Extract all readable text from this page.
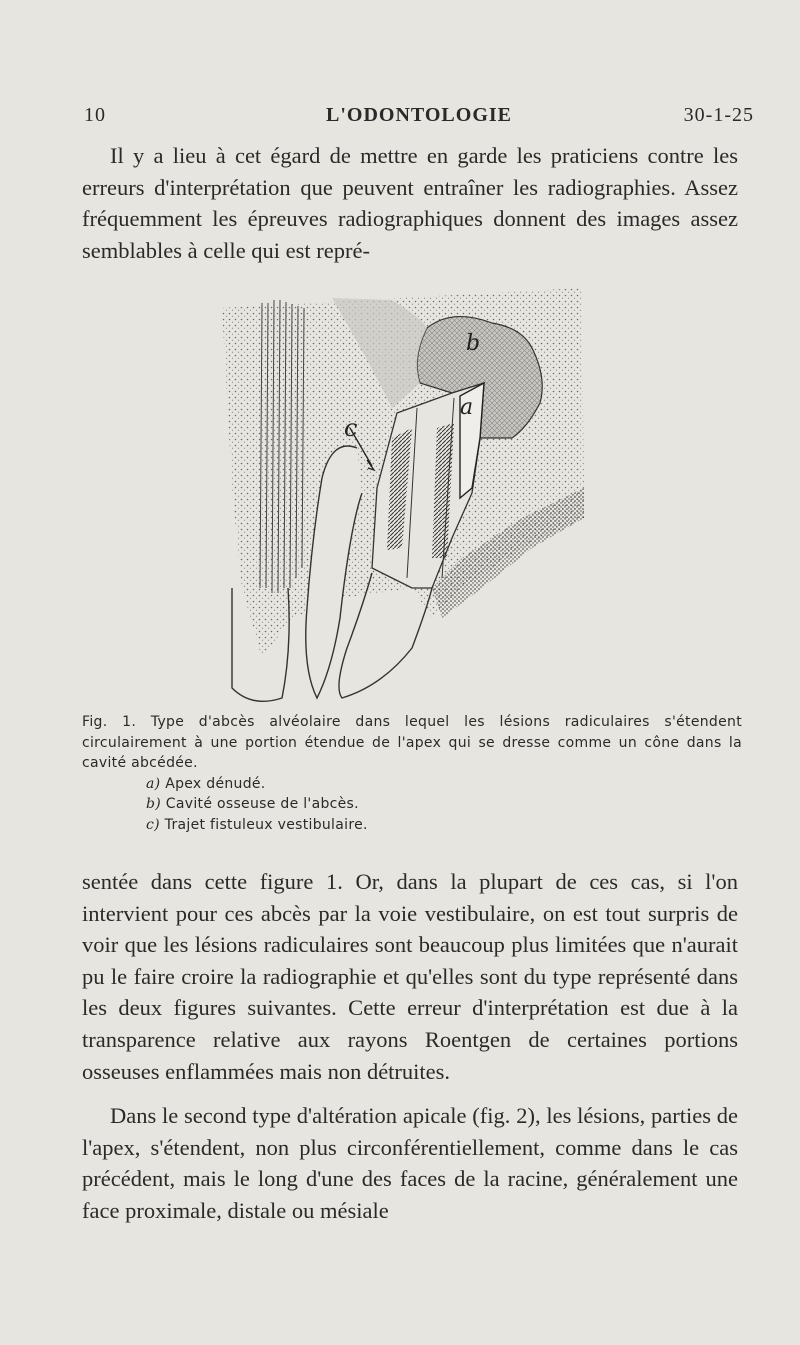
10	L'ODONTOLOGIE	30-1-25

Il y a lieu à cet égard de mettre en garde les praticiens contre les erreurs d'interprétation que peuvent entraîner les radiographies. Assez fréquemment les épreuves radiographiques donnent des images assez semblables à celle qui est repré-

b
a
c
Fig. 1. Type d'abcès alvéolaire dans lequel les lésions radiculaires s'étendent circulairement à une portion étendue de l'apex qui se dresse comme un cône dans la cavité abcédée.
a) Apex dénudé.
b) Cavité osseuse de l'abcès.
c) Trajet fistuleux vestibulaire.

sentée dans cette figure 1. Or, dans la plupart de ces cas, si l'on intervient pour ces abcès par la voie vestibulaire, on est tout surpris de voir que les lésions radiculaires sont beaucoup plus limitées que n'aurait pu le faire croire la radiographie et qu'elles sont du type représenté dans les deux figures suivantes. Cette erreur d'interprétation est due à la transparence relative aux rayons Roentgen de certaines portions osseuses enflammées mais non détruites.

Dans le second type d'altération apicale (fig. 2), les lésions, parties de l'apex, s'étendent, non plus circonférentiellement, comme dans le cas précédent, mais le long d'une des faces de la racine, généralement une face proximale, distale ou mésiale
